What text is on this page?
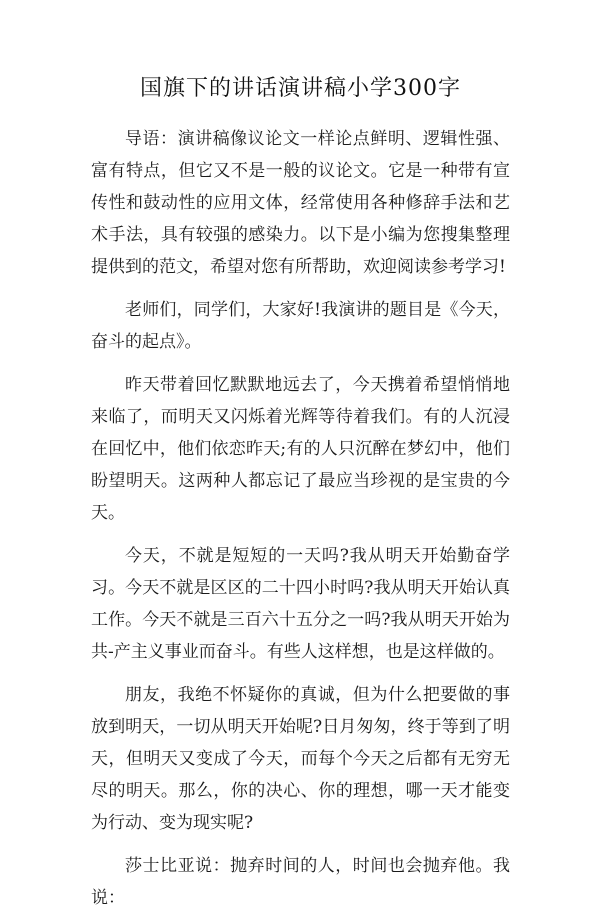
国旗下的讲话演讲稿小学300字

导语：演讲稿像议论文一样论点鲜明、逻辑性强、富有特点，但它又不是一般的议论文。它是一种带有宣传性和鼓动性的应用文体，经常使用各种修辞手法和艺术手法，具有较强的感染力。以下是小编为您搜集整理提供到的范文，希望对您有所帮助，欢迎阅读参考学习!

老师们，同学们，大家好!我演讲的题目是《今天，奋斗的起点》。

昨天带着回忆默默地远去了，今天携着希望悄悄地来临了，而明天又闪烁着光辉等待着我们。有的人沉浸在回忆中，他们依恋昨天;有的人只沉醉在梦幻中，他们盼望明天。这两种人都忘记了最应当珍视的是宝贵的今天。

今天，不就是短短的一天吗?我从明天开始勤奋学习。今天不就是区区的二十四小时吗?我从明天开始认真工作。今天不就是三百六十五分之一吗?我从明天开始为共-产主义事业而奋斗。有些人这样想，也是这样做的。

朋友，我绝不怀疑你的真诚，但为什么把要做的事放到明天，一切从明天开始呢?日月匆匆，终于等到了明天，但明天又变成了今天，而每个今天之后都有无穷无尽的明天。那么，你的决心、你的理想，哪一天才能变为行动、变为现实呢?

莎士比亚说：抛弃时间的人，时间也会抛弃他。我说：
